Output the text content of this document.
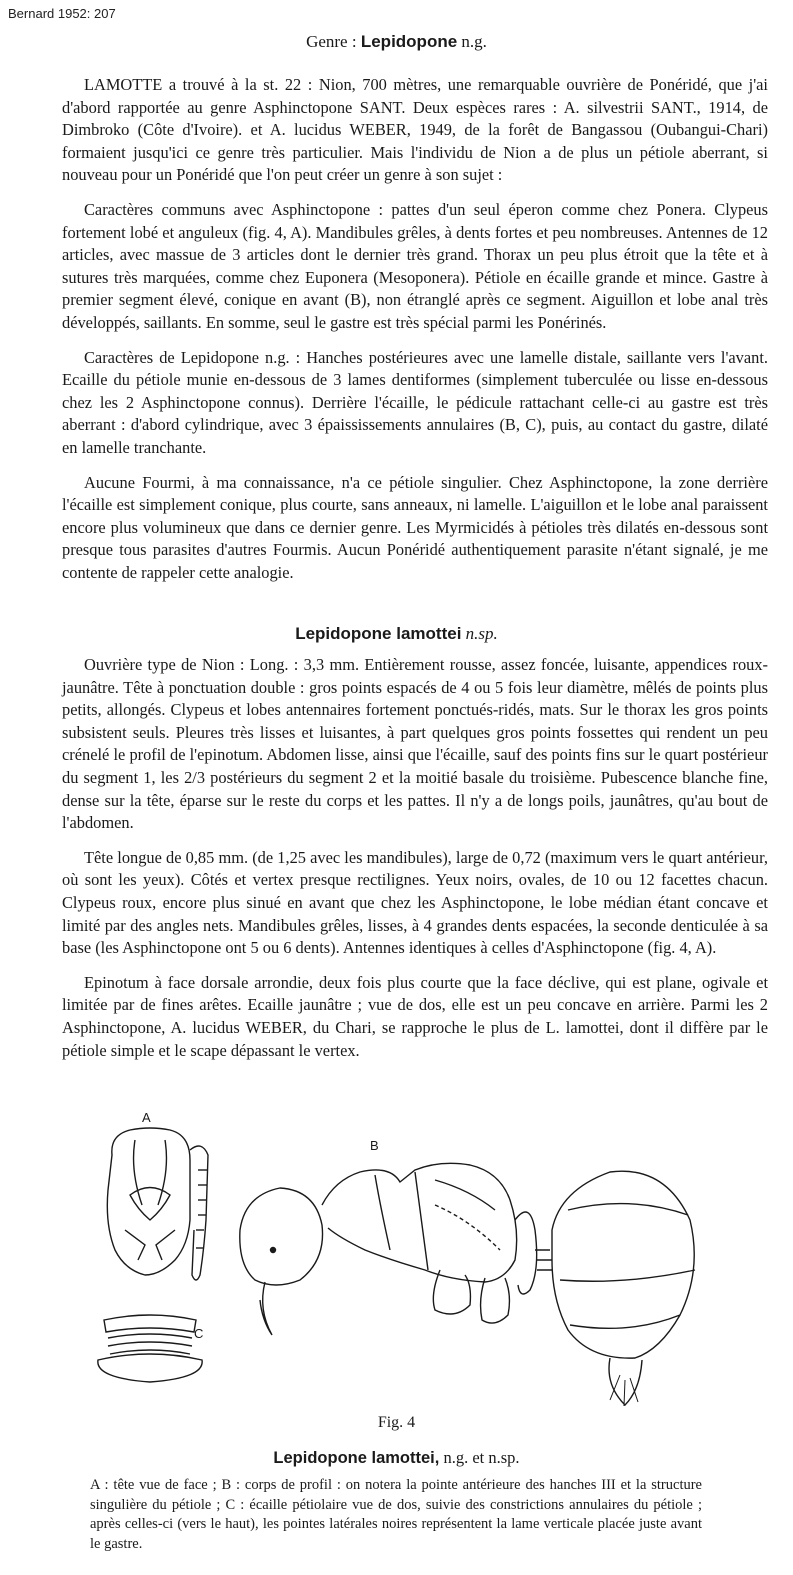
Bernard 1952: 207
Genre : Lepidopone n.g.

LAMOTTE a trouvé à la st. 22 : Nion, 700 mètres, une remarquable ouvrière de Ponéridé, que j'ai d'abord rapportée au genre Asphinctopone SANT. Deux espèces rares : A. silvestrii SANT., 1914, de Dimbroko (Côte d'Ivoire). et A. lucidus WEBER, 1949, de la forêt de Bangassou (Oubangui-Chari) formaient jusqu'ici ce genre très particulier. Mais l'individu de Nion a de plus un pétiole aberrant, si nouveau pour un Ponéridé que l'on peut créer un genre à son sujet :

Caractères communs avec Asphinctopone : pattes d'un seul éperon comme chez Ponera. Clypeus fortement lobé et anguleux (fig. 4, A). Mandibules grêles, à dents fortes et peu nombreuses. Antennes de 12 articles, avec massue de 3 articles dont le dernier très grand. Thorax un peu plus étroit que la tête et à sutures très marquées, comme chez Euponera (Mesoponera). Pétiole en écaille grande et mince. Gastre à premier segment élevé, conique en avant (B), non étranglé après ce segment. Aiguillon et lobe anal très développés, saillants. En somme, seul le gastre est très spécial parmi les Ponérinés.

Caractères de Lepidopone n.g. : Hanches postérieures avec une lamelle distale, saillante vers l'avant. Ecaille du pétiole munie en-dessous de 3 lames dentiformes (simplement tuberculée ou lisse en-dessous chez les 2 Asphinctopone connus). Derrière l'écaille, le pédicule rattachant celle-ci au gastre est très aberrant : d'abord cylindrique, avec 3 épaississements annulaires (B, C), puis, au contact du gastre, dilaté en lamelle tranchante.

Aucune Fourmi, à ma connaissance, n'a ce pétiole singulier. Chez Asphinctopone, la zone derrière l'écaille est simplement conique, plus courte, sans anneaux, ni lamelle. L'aiguillon et le lobe anal paraissent encore plus volumineux que dans ce dernier genre. Les Myrmicidés à pétioles très dilatés en-dessous sont presque tous parasites d'autres Fourmis. Aucun Ponéridé authentiquement parasite n'étant signalé, je me contente de rappeler cette analogie.

Lepidopone lamottei n.sp.

Ouvrière type de Nion : Long. : 3,3 mm. Entièrement rousse, assez foncée, luisante, appendices roux-jaunâtre. Tête à ponctuation double : gros points espacés de 4 ou 5 fois leur diamètre, mêlés de points plus petits, allongés. Clypeus et lobes antennaires fortement ponctués-ridés, mats. Sur le thorax les gros points subsistent seuls. Pleures très lisses et luisantes, à part quelques gros points fossettes qui rendent un peu crénelé le profil de l'epinotum. Abdomen lisse, ainsi que l'écaille, sauf des points fins sur le quart postérieur du segment 1, les 2/3 postérieurs du segment 2 et la moitié basale du troisième. Pubescence blanche fine, dense sur la tête, éparse sur le reste du corps et les pattes. Il n'y a de longs poils, jaunâtres, qu'au bout de l'abdomen.

Tête longue de 0,85 mm. (de 1,25 avec les mandibules), large de 0,72 (maximum vers le quart antérieur, où sont les yeux). Côtés et vertex presque rectilignes. Yeux noirs, ovales, de 10 ou 12 facettes chacun. Clypeus roux, encore plus sinué en avant que chez les Asphinctopone, le lobe médian étant concave et limité par des angles nets. Mandibules grêles, lisses, à 4 grandes dents espacées, la seconde denticulée à sa base (les Asphinctopone ont 5 ou 6 dents). Antennes identiques à celles d'Asphinctopone (fig. 4, A).

Epinotum à face dorsale arrondie, deux fois plus courte que la face déclive, qui est plane, ogivale et limitée par de fines arêtes. Ecaille jaunâtre ; vue de dos, elle est un peu concave en arrière. Parmi les 2 Asphinctopone, A. lucidus WEBER, du Chari, se rapproche le plus de L. lamottei, dont il diffère par le pétiole simple et le scape dépassant le vertex.

A
B
C
Fig. 4
Lepidopone lamottei, n.g. et n.sp.
A : tête vue de face ; B : corps de profil : on notera la pointe antérieure des hanches III et la structure singulière du pétiole ; C : écaille pétiolaire vue de dos, suivie des constrictions annulaires du pétiole ; après celles-ci (vers le haut), les pointes latérales noires représentent la lame verticale placée juste avant le gastre.
